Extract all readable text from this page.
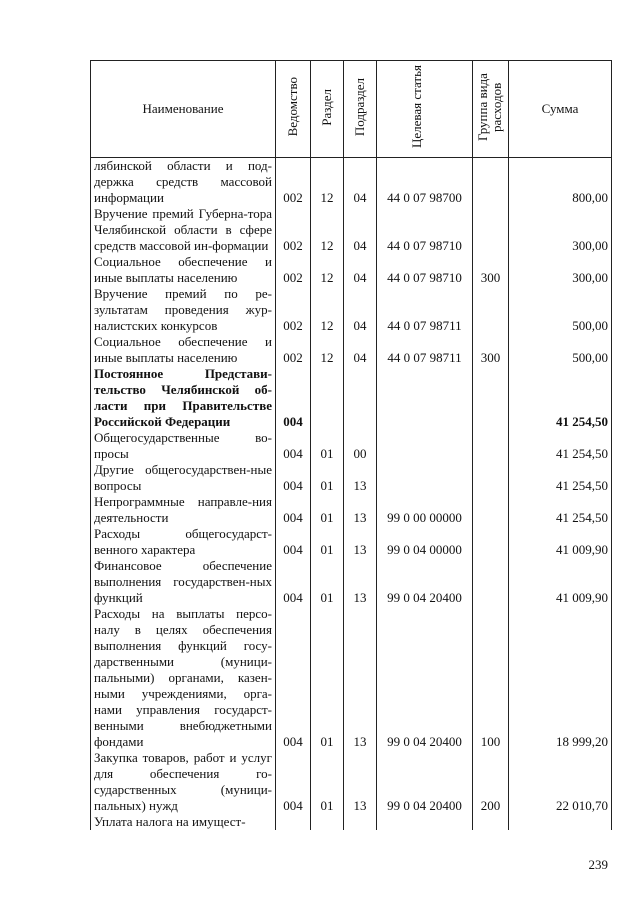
Наименование	Ведомство	Раздел	Подраздел	Целевая статья	Группа вида расходов	Сумма
лябинской области и под-держка средств массовой информации	002	12	04	44 0 07 98700		800,00
Вручение премий Губерна-тора Челябинской области в сфере средств массовой ин-формации	002	12	04	44 0 07 98710		300,00
Социальное обеспечение и иные выплаты населению	002	12	04	44 0 07 98710	300	300,00
Вручение премий по ре-зультатам проведения жур-налистских конкурсов	002	12	04	44 0 07 98711		500,00
Социальное обеспечение и иные выплаты населению	002	12	04	44 0 07 98711	300	500,00
Постоянное Представи-тельство Челябинской об-ласти при Правительстве Российской Федерации	004					41 254,50
Общегосударственные во-просы	004	01	00			41 254,50
Другие общегосударствен-ные вопросы	004	01	13			41 254,50
Непрограммные направле-ния деятельности	004	01	13	99 0 00 00000		41 254,50
Расходы общегосударст-венного характера	004	01	13	99 0 04 00000		41 009,90
Финансовое обеспечение выполнения государствен-ных функций	004	01	13	99 0 04 20400		41 009,90
Расходы на выплаты персо-налу в целях обеспечения выполнения функций госу-дарственными (муници-пальными) органами, казен-ными учреждениями, орга-нами управления государст-венными внебюджетными фондами	004	01	13	99 0 04 20400	100	18 999,20
Закупка товаров, работ и услуг для обеспечения го-сударственных (муници-пальных) нужд	004	01	13	99 0 04 20400	200	22 010,70
Уплата налога на имущест-						
239
